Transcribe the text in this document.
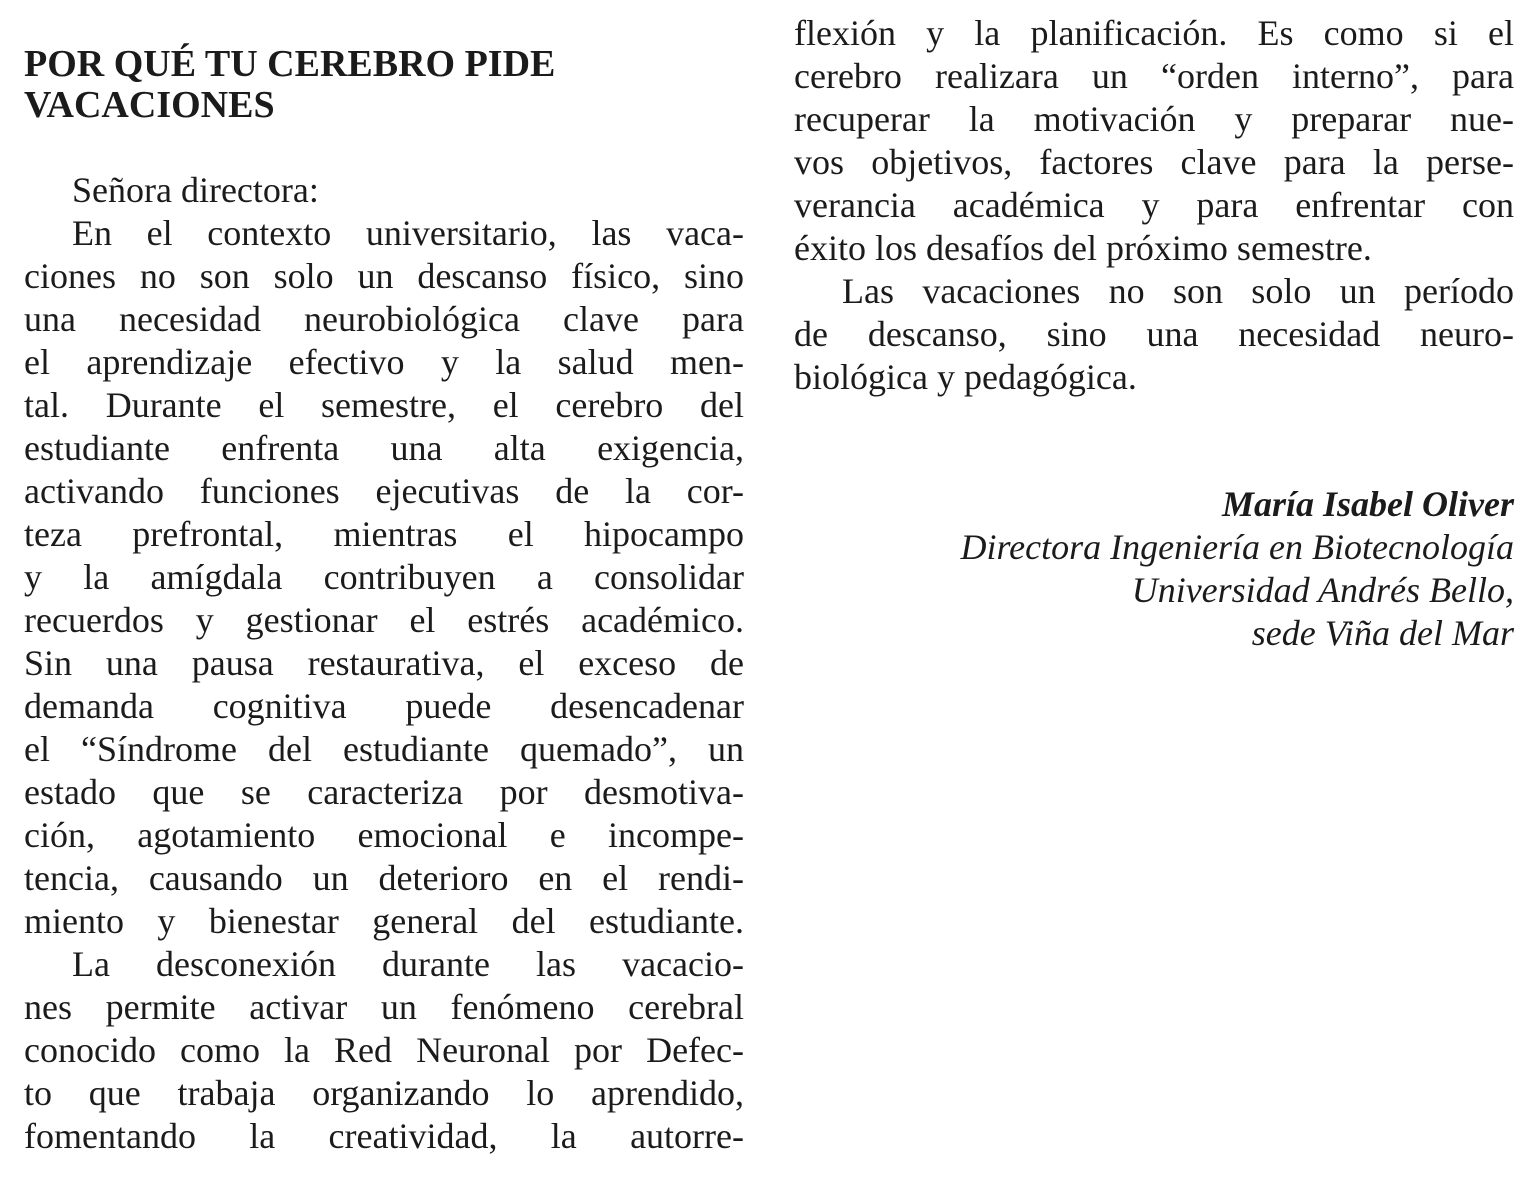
POR QUÉ TU CEREBRO PIDE
VACACIONES
Señora directora:
En el contexto universitario, las vaca-
ciones no son solo un descanso físico, sino
una necesidad neurobiológica clave para
el aprendizaje efectivo y la salud men-
tal. Durante el semestre, el cerebro del
estudiante enfrenta una alta exigencia,
activando funciones ejecutivas de la cor-
teza prefrontal, mientras el hipocampo
y la amígdala contribuyen a consolidar
recuerdos y gestionar el estrés académico.
Sin una pausa restaurativa, el exceso de
demanda cognitiva puede desencadenar
el “Síndrome del estudiante quemado”, un
estado que se caracteriza por desmotiva-
ción, agotamiento emocional e incompe-
tencia, causando un deterioro en el rendi-
miento y bienestar general del estudiante.
La desconexión durante las vacacio-
nes permite activar un fenómeno cerebral
conocido como la Red Neuronal por Defec-
to que trabaja organizando lo aprendido,
fomentando la creatividad, la autorre-
flexión y la planificación. Es como si el
cerebro realizara un “orden interno”, para
recuperar la motivación y preparar nue-
vos objetivos, factores clave para la perse-
verancia académica y para enfrentar con
éxito los desafíos del próximo semestre.
Las vacaciones no son solo un período
de descanso, sino una necesidad neuro-
biológica y pedagógica.
María Isabel Oliver
Directora Ingeniería en Biotecnología
Universidad Andrés Bello,
sede Viña del Mar
